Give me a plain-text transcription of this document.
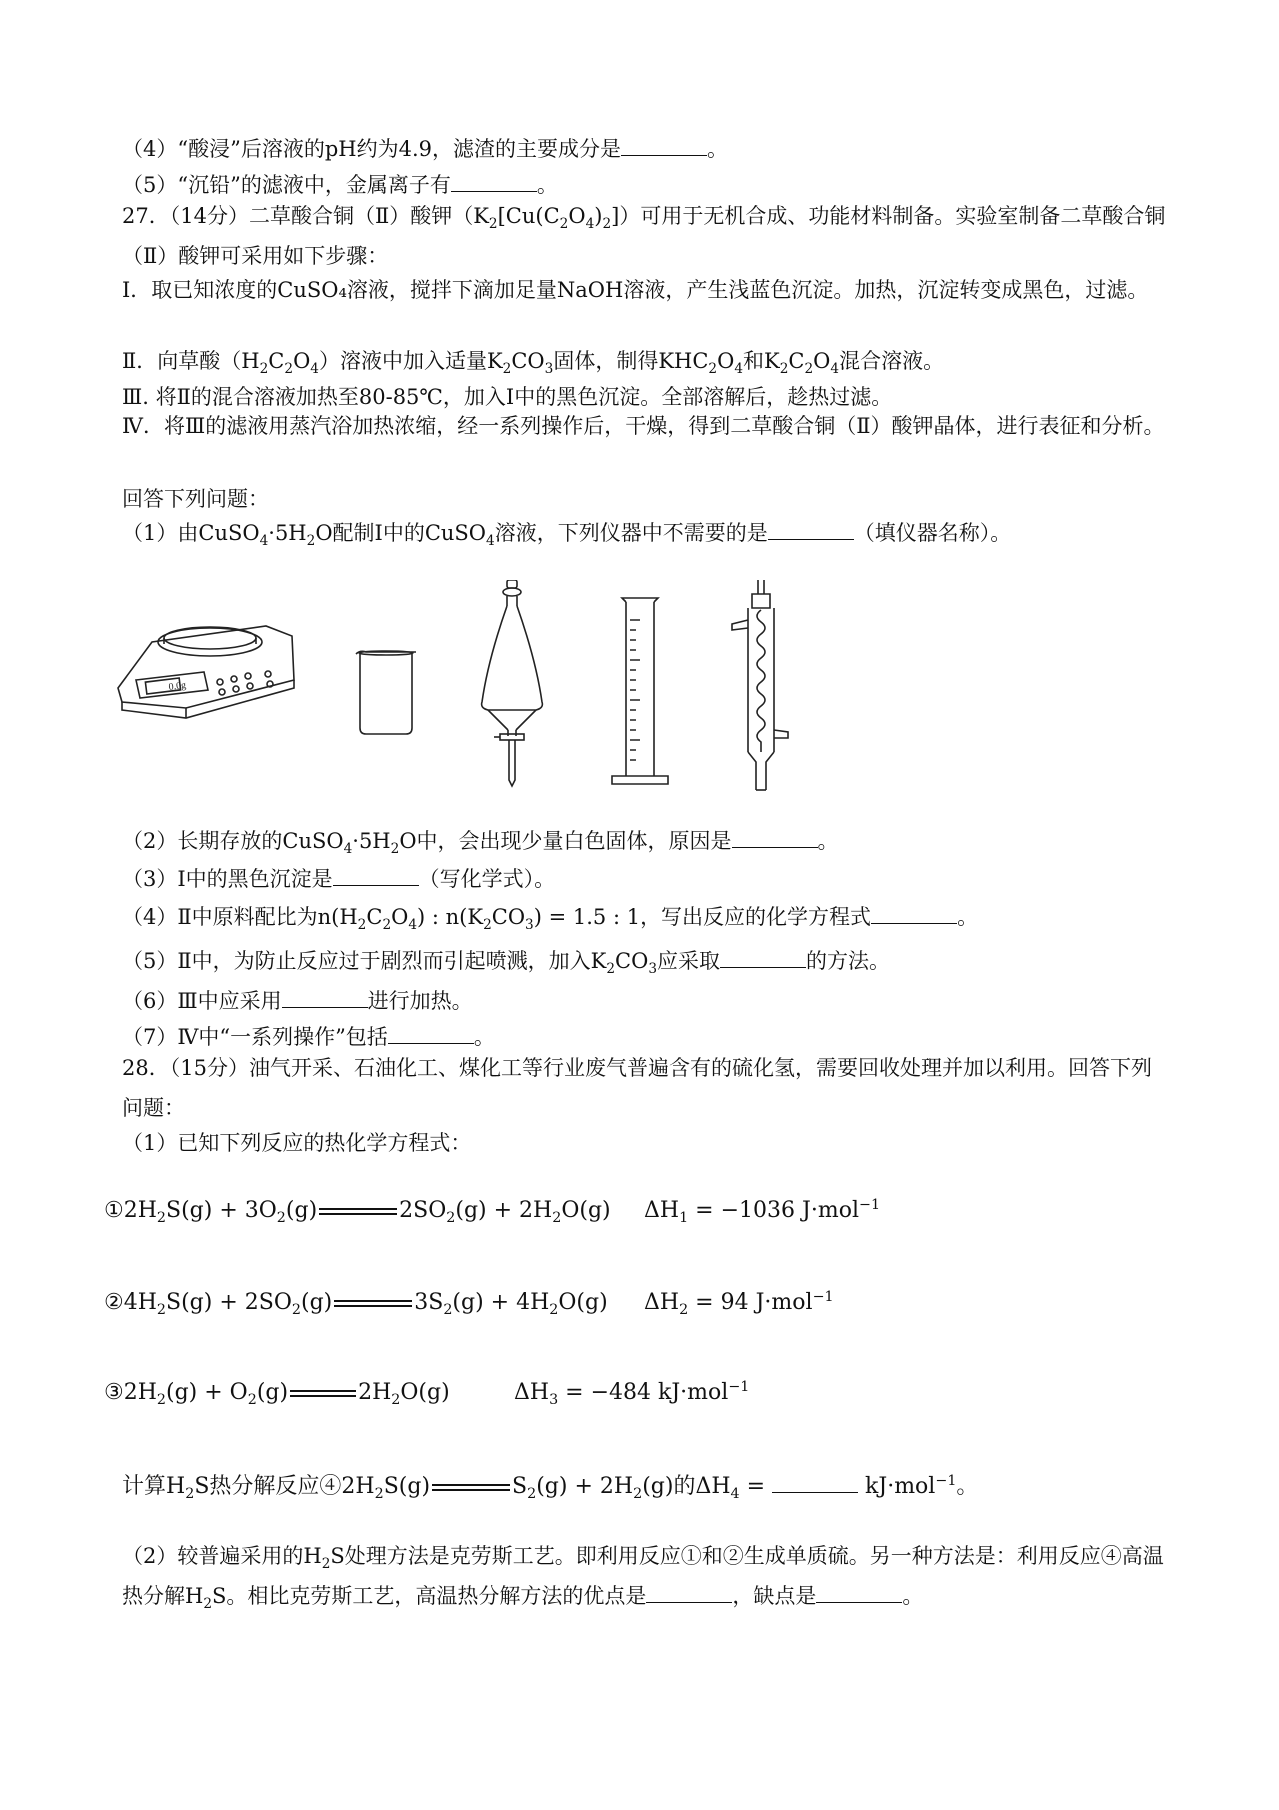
（4）“酸浸”后溶液的pH约为4.9，滤渣的主要成分是	。
（5）“沉铅”的滤液中，金属离子有	。
27．（14分）二草酸合铜（Ⅱ）酸钾$(K_2[Cu(C_2O_4)_2])$可用于无机合成、功能材料制备。实验室制备二草酸合铜（Ⅱ）酸钾可采用如下步骤：
Ⅰ．取已知浓度的CuSO₄溶液，搅拌下滴加足量NaOH溶液，产生浅蓝色沉淀。加热，沉淀转变成黑色，过滤。
Ⅱ．向草酸$(H_2C_2O_4)$溶液中加入适量$K_2CO_3$固体，制得$KHC_2O_4$和$K_2C_2O_4$混合溶液。
Ⅲ. 将Ⅱ的混合溶液加热至80-85℃，加入Ⅰ中的黑色沉淀。全部溶解后，趁热过滤。
Ⅳ．将Ⅲ的滤液用蒸汽浴加热浓缩，经一系列操作后，干燥，得到二草酸合铜（Ⅱ）酸钾晶体，进行表征和分析。
回答下列问题：
（1）由$CuSO_4\cdot 5H_2O$配制Ⅰ中的CuSO$_4$溶液，下列仪器中不需要的是	（填仪器名称）。
0.0g
（2）长期存放的$CuSO_4\cdot 5H_2O$中，会出现少量白色固体，原因是	。
（3）Ⅰ中的黑色沉淀是	（写化学式）。
（4）Ⅱ中原料配比为$n(H_2C_2O_4)$ : $n(K_2CO_3) = 1.5$ : 1，写出反应的化学方程式	。
（5）Ⅱ中，为防止反应过于剧烈而引起喷溅，加入$K_2CO_3$应采取	的方法。
（6）Ⅲ中应采用	进行加热。
（7）Ⅳ中“一系列操作”包括	。
28．（15分）油气开采、石油化工、煤化工等行业废气普遍含有的硫化氢，需要回收处理并加以利用。回答下列问题：
（1）已知下列反应的热化学方程式：
$①2H_2S(g) + 3O_2(g)$	$2SO_2(g) + 2H_2O(g) \Delta H_1 = -1036$ J·mol$^{-1}$
$②4H_2S(g) + 2SO_2(g)$	$3S_2(g) + 4H_2O(g) \Delta H_2 = 94$ J·mol$^{-1}$
$③2H_2(g) + O_2(g)$	$2H_2O(g)$	$\Delta H_3 = -484$ kJ·mol$^{-1}$
计算$H_2S$热分解反应$④2H_2S(g)$	$S_2(g) + 2H_2(g)$的$\Delta H_4$ =	kJ·mol$^{-1}$。
（2）较普遍采用的$H_2S$处理方法是克劳斯工艺。即利用反应①和②生成单质硫。另一种方法是：利用反应④高温热分解$H_2S$。相比克劳斯工艺，高温热分解方法的优点是	，缺点是	。
